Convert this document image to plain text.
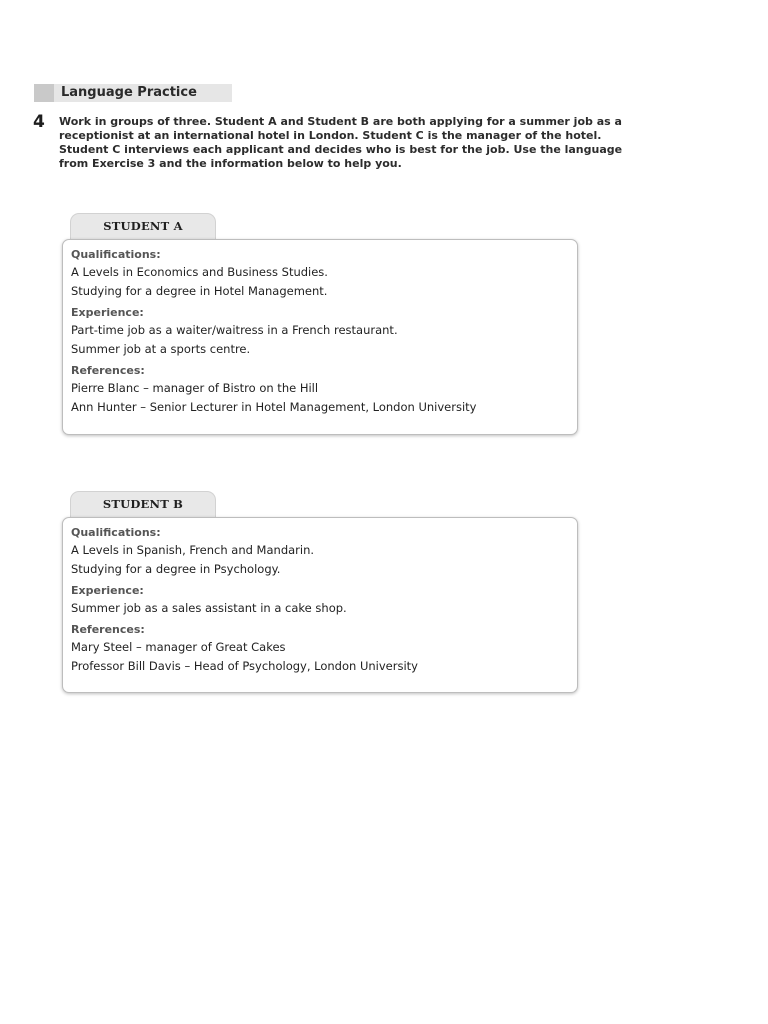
Language Practice
4 Work in groups of three. Student A and Student B are both applying for a summer job as a receptionist at an international hotel in London. Student C is the manager of the hotel. Student C interviews each applicant and decides who is best for the job. Use the language from Exercise 3 and the information below to help you.

STUDENT A
Qualifications:
A Levels in Economics and Business Studies.
Studying for a degree in Hotel Management.
Experience:
Part-time job as a waiter/waitress in a French restaurant.
Summer job at a sports centre.
References:
Pierre Blanc – manager of Bistro on the Hill
Ann Hunter – Senior Lecturer in Hotel Management, London University
STUDENT B
Qualifications:
A Levels in Spanish, French and Mandarin.
Studying for a degree in Psychology.
Experience:
Summer job as a sales assistant in a cake shop.
References:
Mary Steel – manager of Great Cakes
Professor Bill Davis – Head of Psychology, London University
